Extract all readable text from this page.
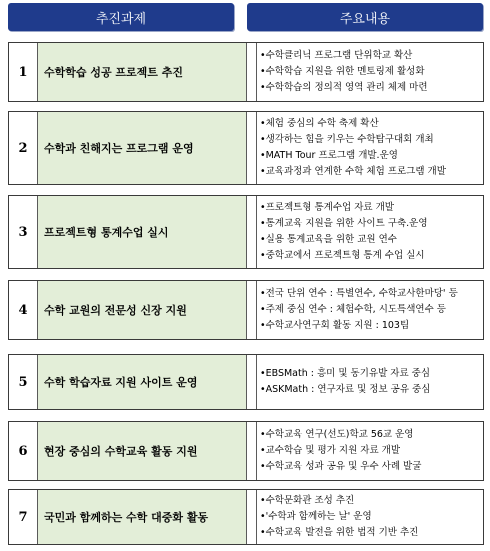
추진과제	주요내용
1	수학학습 성공 프로젝트 추진
•수학클리닉 프로그램 단위학교 확산
•수학학습 지원을 위한 멘토링제 활성화
•수학학습의 정의적 영역 관리 체제 마련
2	수학과 친해지는 프로그램 운영
•체험 중심의 수학 축제 확산
•생각하는 힘을 키우는 수학탐구대회 개최
•MATH Tour 프로그램 개발.운영
•교육과정과 연계한 수학 체험 프로그램 개발
3	프로젝트형 통계수업 실시
•프로젝트형 통계수업 자료 개발
•통계교육 지원을 위한 사이트 구축.운영
•실용 통계교육을 위한 교원 연수
•중학교에서 프로젝트형 통계 수업 실시
4	수학 교원의 전문성 신장 지원
•전국 단위 연수 : 특별연수, 수학교사한마당' 등
•주제 중심 연수 : 체험수학, 시도특색연수 등
•수학교사연구회 활동 지원 : 103팀
5	수학 학습자료 지원 사이트 운영
•EBSMath : 흥미 및 동기유발 자료 중심
•ASKMath : 연구자료 및 정보 공유 중심
6	현장 중심의 수학교육 활동 지원
•수학교육 연구(선도)학교 56교 운영
•교수학습 및 평가 지원 자료 개발
•수학교육 성과 공유 및 우수 사례 발굴
7	국민과 함께하는 수학 대중화 활동
•수학문화관 조성 추진
•'수학과 함께하는 날' 운영
•수학교육 발전을 위한 법적 기반 추진
